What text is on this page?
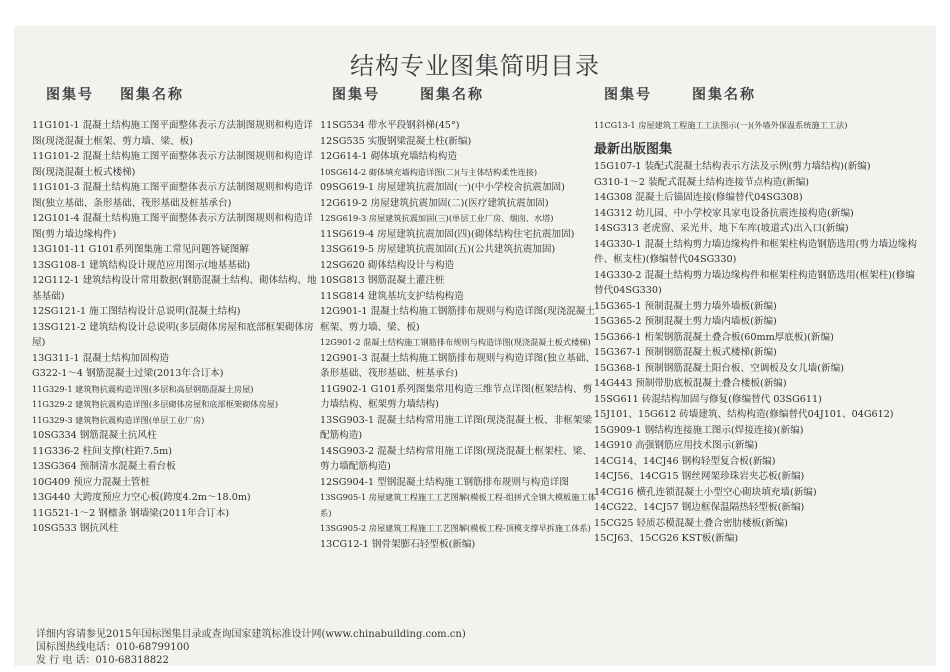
结构专业图集简明目录
图集号 图集名称	图集号	图集名称	图集号	图集名称
11G101-1 混凝土结构施工图平面整体表示方法制图规则和构造详图(现浇混凝土框架、剪力墙、梁、板)
11G101-2 混凝土结构施工图平面整体表示方法制图规则和构造详图(现浇混凝土板式楼梯)
11G101-3 混凝土结构施工图平面整体表示方法制图规则和构造详图(独立基础、条形基础、筏形基础及桩基承台)
12G101-4 混凝土结构施工图平面整体表示方法制图规则和构造详图(剪力墙边缘构件)
13G101-11 G101系列图集施工常见问题答疑图解
13SG108-1 建筑结构设计规范应用图示(地基基础)
12G112-1 建筑结构设计常用数据(钢筋混凝土结构、砌体结构、地基基础)
12SG121-1 施工图结构设计总说明(混凝土结构)
13SG121-2 建筑结构设计总说明(多层砌体房屋和底部框架砌体房屋)
13G311-1 混凝土结构加固构造
G322-1～4 钢筋混凝土过梁(2013年合订本)
11G329-1 建筑物抗震构造详图(多层和高层钢筋混凝土房屋)
11G329-2 建筑物抗震构造详图(多层砌体房屋和底部框架砌体房屋)
11G329-3 建筑物抗震构造详图(单层工业厂房)
10SG334 钢筋混凝土抗风柱
11G336-2 柱间支撑(柱距7.5m)
13SG364 预制清水混凝土看台板
10G409 预应力混凝土管桩
13G440 大跨度预应力空心板(跨度4.2m～18.0m)
11G521-1～2 钢檩条 钢墙梁(2011年合订本)
10SG533 钢抗风柱
11SG534 带水平段钢斜梯(45°)
12SG535 实腹钢梁混凝土柱(新编)
12G614-1 砌体填充墙结构构造
10SG614-2 砌体填充墙构造详图(二)(与主体结构柔性连接)
09SG619-1 房屋建筑抗震加固(一)(中小学校舍抗震加固)
12G619-2 房屋建筑抗震加固(二)(医疗建筑抗震加固)
12SG619-3 房屋建筑抗震加固(三)(单层工业厂房、烟囱、水塔)
11SG619-4 房屋建筑抗震加固(四)(砌体结构住宅抗震加固)
13SG619-5 房屋建筑抗震加固(五)(公共建筑抗震加固)
12SG620 砌体结构设计与构造
10SG813 钢筋混凝土灌注桩
11SG814 建筑基坑支护结构构造
12G901-1 混凝土结构施工钢筋排布规则与构造详图(现浇混凝土框架、剪力墙、梁、板)
12G901-2 混凝土结构施工钢筋排布规则与构造详图(现浇混凝土板式楼梯)
12G901-3 混凝土结构施工钢筋排布规则与构造详图(独立基础、条形基础、筏形基础、桩基承台)
11G902-1 G101系列图集常用构造三维节点详图(框架结构、剪力墙结构、框架剪力墙结构)
13SG903-1 混凝土结构常用施工详图(现浇混凝土板、非框架梁配筋构造)
14SG903-2 混凝土结构常用施工详图(现浇混凝土框架柱、梁、剪力墙配筋构造)
12SG904-1 型钢混凝土结构施工钢筋排布规则与构造详图
13SG905-1 房屋建筑工程施工工艺图解(模板工程-组拼式全钢大模板施工体系)
13SG905-2 房屋建筑工程施工工艺图解(模板工程-顶模支撑早拆施工体系)
13CG12-1 钢骨架膨石轻型板(新编)
11CG13-1 房屋建筑工程施工工法图示(一)(外墙外保温系统施工工法)
最新出版图集
15G107-1 装配式混凝土结构表示方法及示例(剪力墙结构)(新编)
G310-1～2 装配式混凝土结构连接节点构造(新编)
14G308 混凝土后锚固连接(修编替代04SG308)
14G312 幼儿园、中小学校家具家电设备抗震连接构造(新编)
14SG313 老虎窗、采光井、地下车库(坡道式)出入口(新编)
14G330-1 混凝土结构剪力墙边缘构件和框架柱构造钢筋选用(剪力墙边缘构件、框支柱)(修编替代04SG330)
14G330-2 混凝土结构剪力墙边缘构件和框架柱构造钢筋选用(框架柱)(修编替代04SG330)
15G365-1 预制混凝土剪力墙外墙板(新编)
15G365-2 预制混凝土剪力墙内墙板(新编)
15G366-1 桁架钢筋混凝土叠合板(60mm厚底板)(新编)
15G367-1 预制钢筋混凝土板式楼梯(新编)
15G368-1 预制钢筋混凝土阳台板、空调板及女儿墙(新编)
14G443 预制带肋底板混凝土叠合楼板(新编)
15SG611 砖混结构加固与修复(修编替代 03SG611)
15J101、15G612 砖墙建筑、结构构造(修编替代04J101、04G612)
15G909-1 钢结构连接施工图示(焊接连接)(新编)
14G910 高强钢筋应用技术图示(新编)
14CG14、14CJ46 钢构轻型复合板(新编)
14CJ56、14CG15 钢丝网架珍珠岩夹芯板(新编)
14CG16 横孔连锁混凝土小型空心砌块填充墙(新编)
14CG22、14CJ57 钢边框保温隔热轻型板(新编)
15CG25 轻质芯模混凝土叠合密肋楼板(新编)
15CJ63、15CG26 KST板(新编)
详细内容请参见2015年国标图集目录或查询国家建筑标准设计网(www.chinabuilding.com.cn)
国标图热线电话：010-68799100
发 行 电 话：010-68318822
